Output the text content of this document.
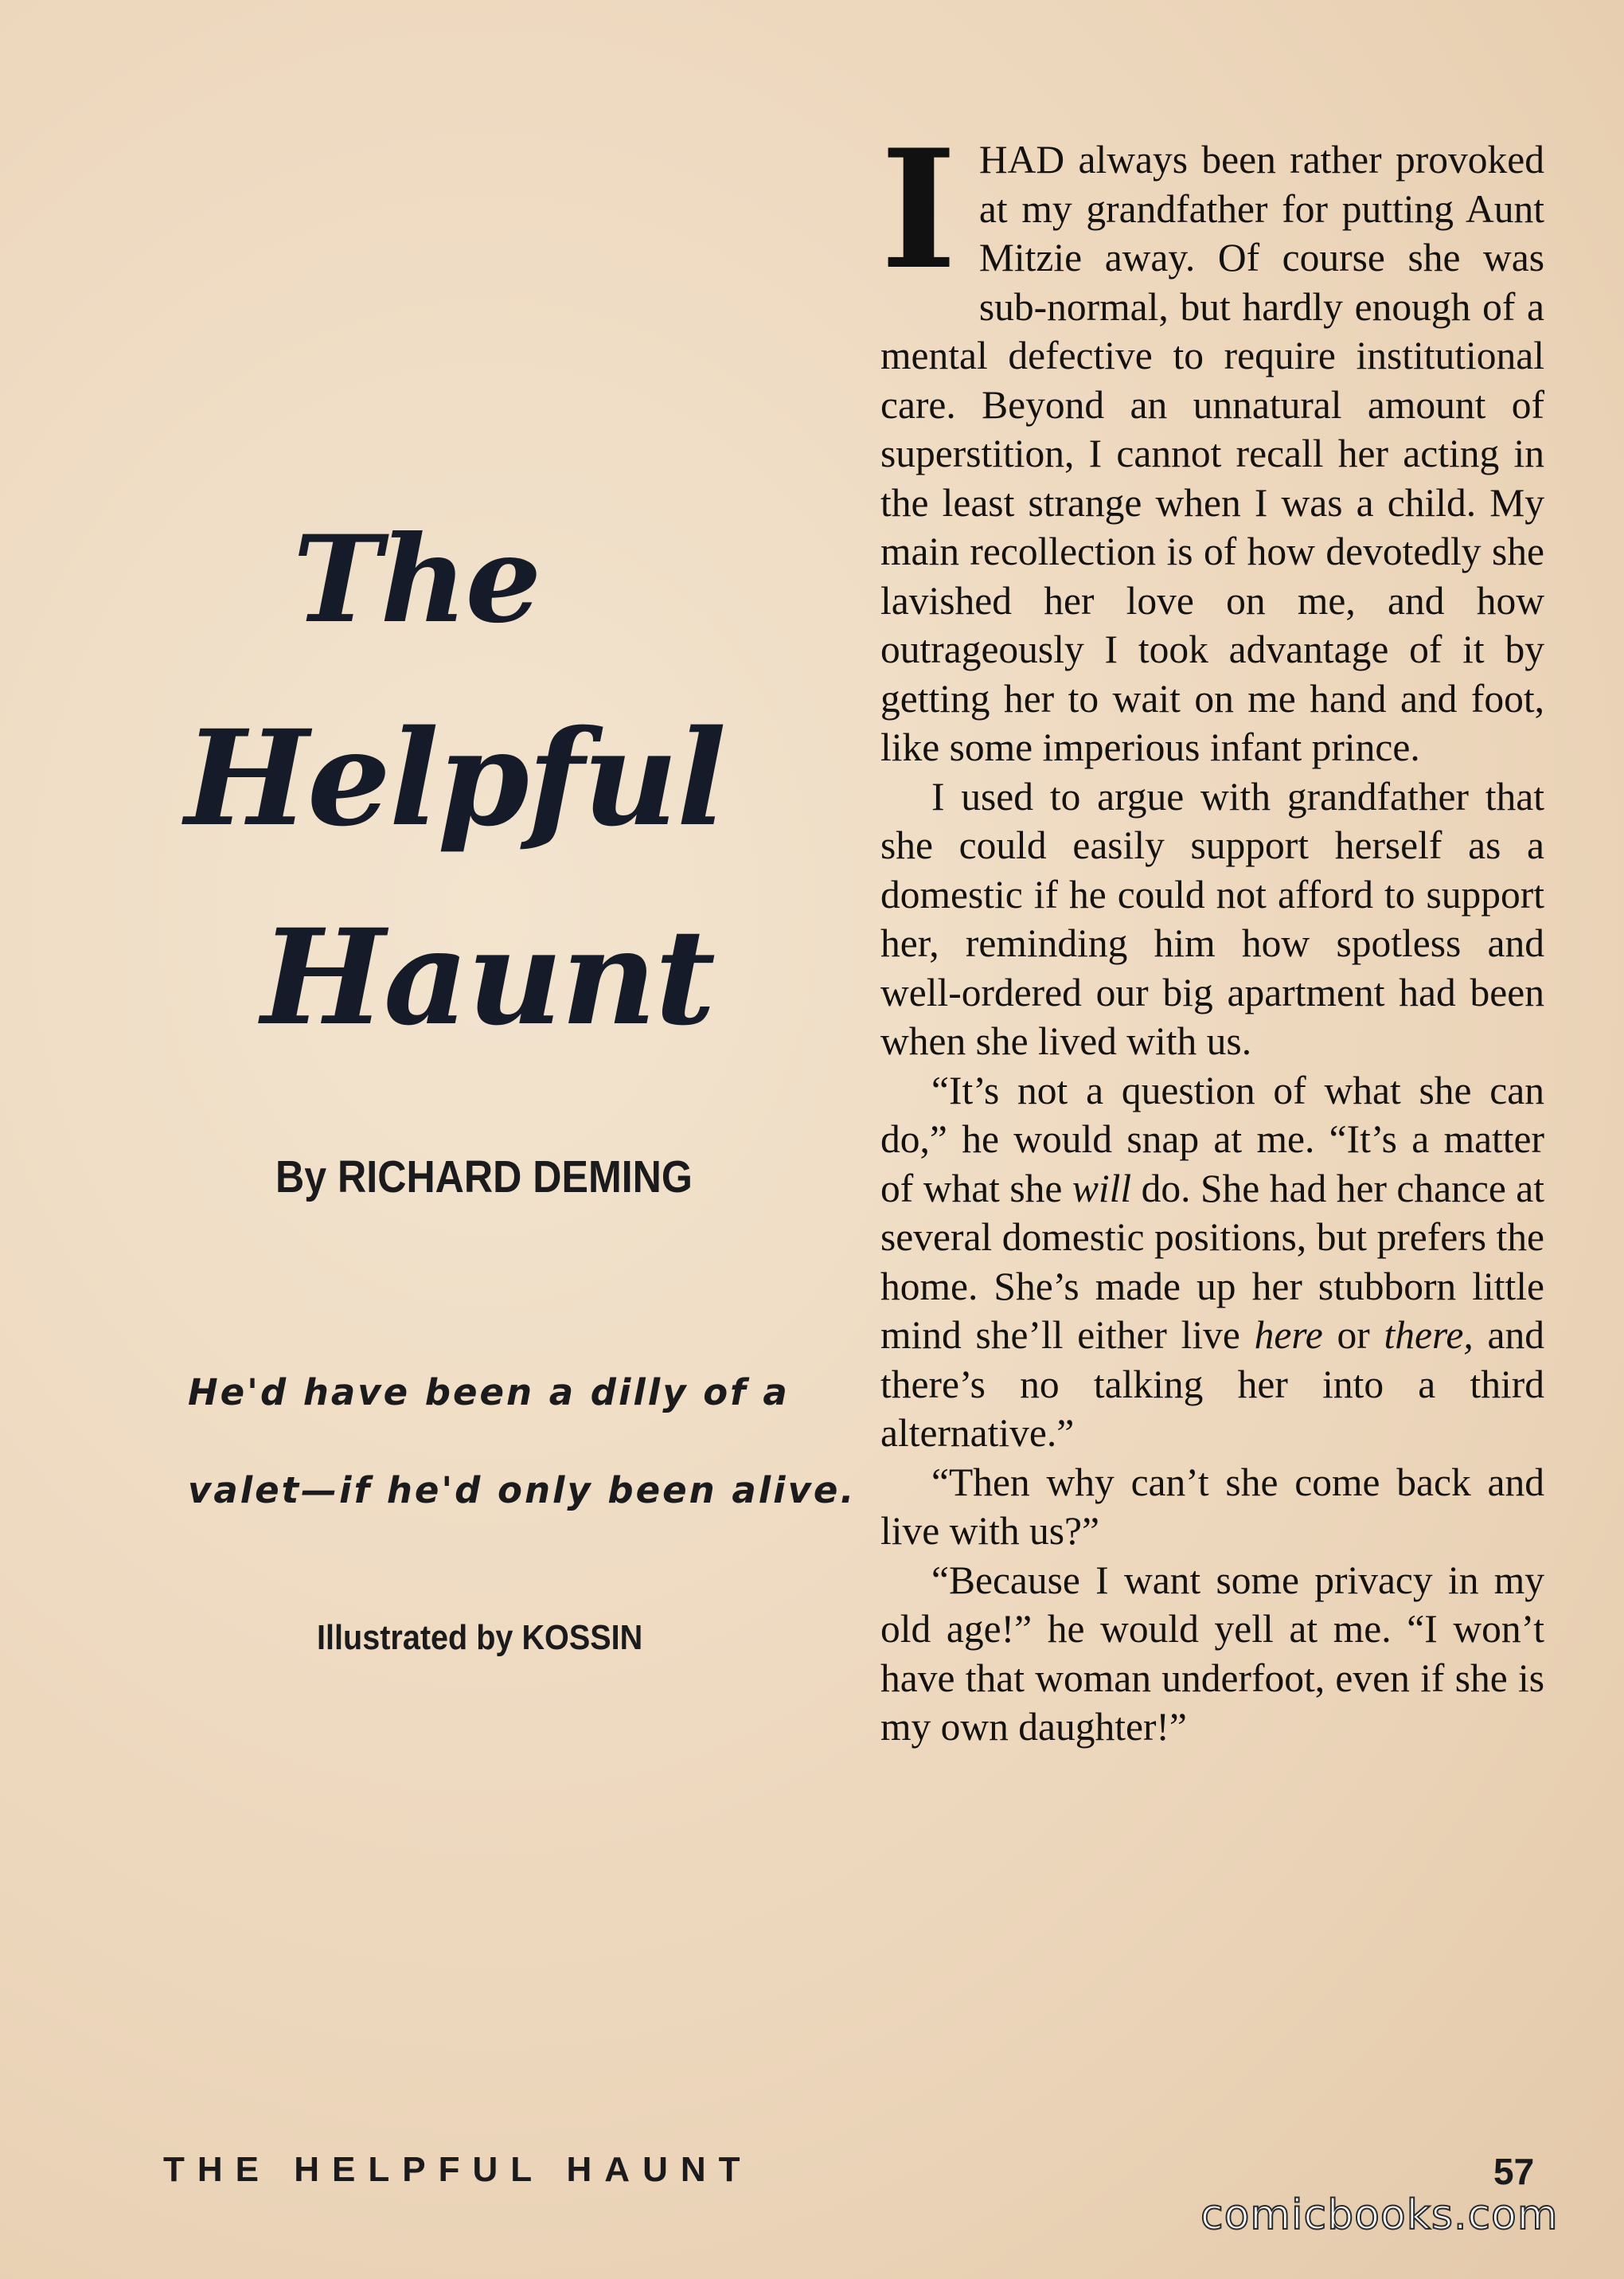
The
Helpful
Haunt
By RICHARD DEMING
He'd have been a dilly of a
valet—if he'd only been alive.
Illustrated by KOSSIN

IHAD always been rather provoked at my grandfather for putting Aunt Mitzie away. Of course she was sub-normal, but hardly enough of a mental defective to require institutional care. Beyond an unnatural amount of superstition, I cannot recall her acting in the least strange when I was a child. My main recollection is of how devotedly she lavished her love on me, and how outrageously I took advantage of it by getting her to wait on me hand and foot, like some imperious infant prince.

I used to argue with grandfather that she could easily support herself as a domestic if he could not afford to support her, reminding him how spotless and well-ordered our big apartment had been when she lived with us.

“It’s not a question of what she can do,” he would snap at me. “It’s a matter of what she will do. She had her chance at several domestic positions, but prefers the home. She’s made up her stubborn little mind she’ll either live here or there, and there’s no talking her into a third alternative.”

“Then why can’t she come back and live with us?”

“Because I want some privacy in my old age!” he would yell at me. “I won’t have that woman underfoot, even if she is my own daughter!”

THE HELPFUL HAUNT	57
comicbooks.com
